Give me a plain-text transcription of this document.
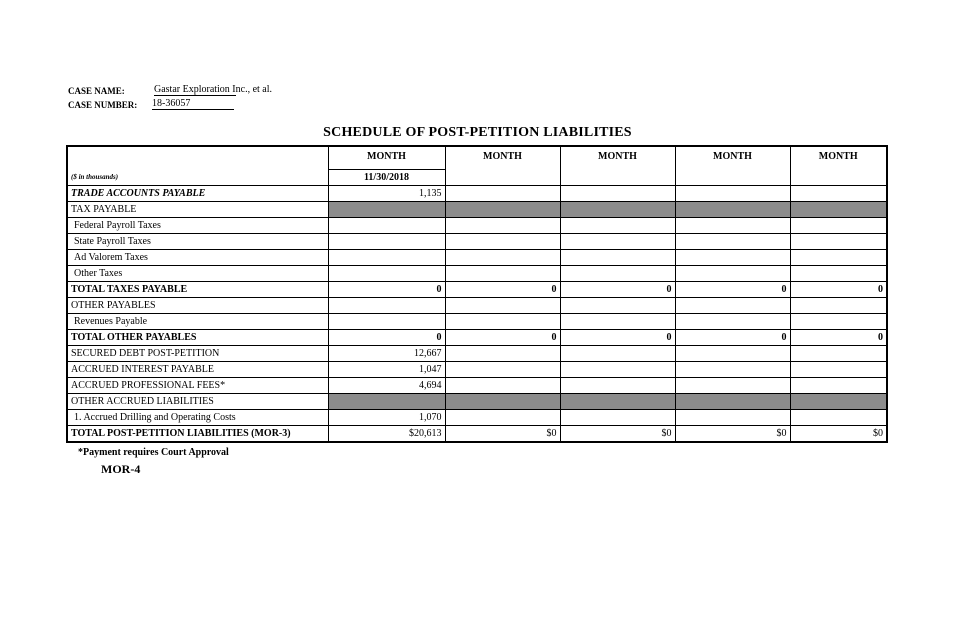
CASE NAME:	Gastar Exploration Inc., et al.
CASE NUMBER: 18-36057
SCHEDULE OF POST-PETITION LIABILITIES
	MONTH	MONTH	MONTH	MONTH	MONTH
($ in thousands)	11/30/2018				
TRADE ACCOUNTS PAYABLE	1,135				
TAX PAYABLE					
Federal Payroll Taxes					
State Payroll Taxes					
Ad Valorem Taxes					
Other Taxes					
TOTAL TAXES PAYABLE	0	0	0	0	0
OTHER PAYABLES					
Revenues Payable					
TOTAL OTHER PAYABLES	0	0	0	0	0
SECURED DEBT POST-PETITION	12,667				
ACCRUED INTEREST PAYABLE	1,047				
ACCRUED PROFESSIONAL FEES*	4,694				
OTHER ACCRUED LIABILITIES					
1. Accrued Drilling and Operating Costs	1,070				
TOTAL POST-PETITION LIABILITIES (MOR-3)	$20,613	$0	$0	$0	$0
*Payment requires Court Approval
MOR-4
